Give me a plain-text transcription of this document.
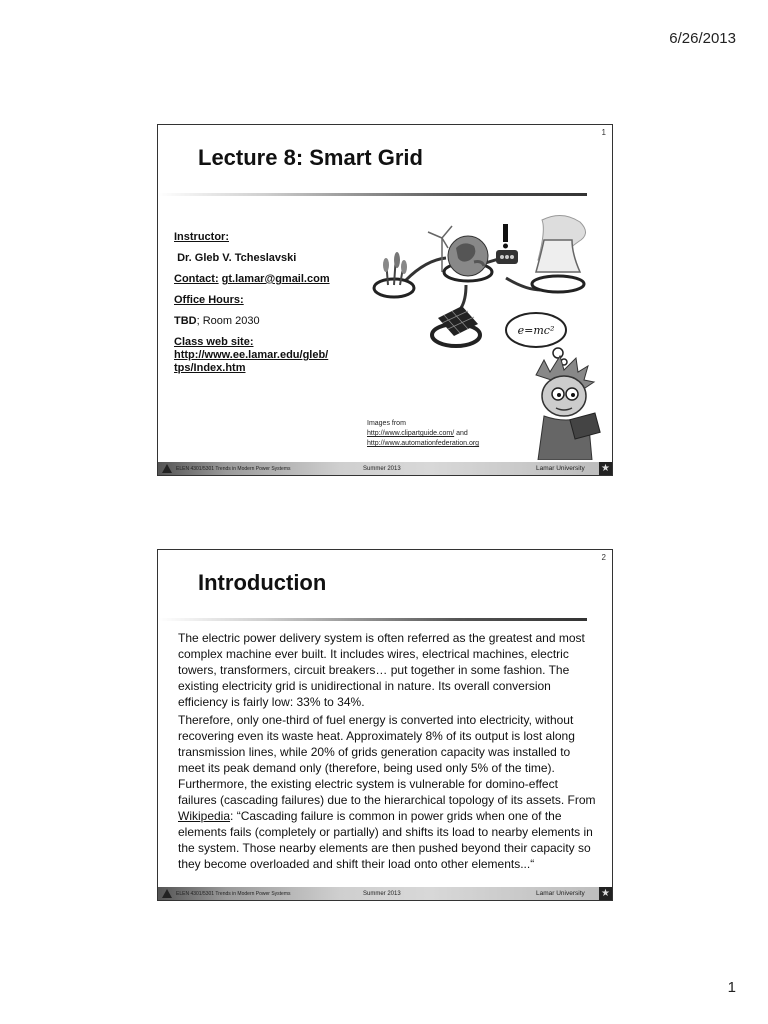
6/26/2013
1
Lecture 8: Smart Grid

Instructor:

Dr. Gleb V. Tcheslavski

Contact: gt.lamar@gmail.com

Office Hours:

TBD; Room 2030

Class web site:

http://www.ee.lamar.edu/gleb/
tps/Index.htm

e=mc²
Images from
http://www.clipartguide.com/ and
http://www.automationfederation.org
ELEN 4301/5301 Trends in Modern Power Systems	Summer 2013	Lamar University ★
2
Introduction

The electric power delivery system is often referred as the greatest and most complex machine ever built. It includes wires, electrical machines, electric towers, transformers, circuit breakers… put together in some fashion. The existing electricity grid is unidirectional in nature. Its overall conversion efficiency is fairly low: 33% to 34%.

Therefore, only one-third of fuel energy is converted into electricity, without recovering even its waste heat. Approximately 8% of its output is lost along transmission lines, while 20% of grids generation capacity was installed to meet its peak demand only (therefore, being used only 5% of the time). Furthermore, the existing electric system is vulnerable for domino-effect failures (cascading failures) due to the hierarchical topology of its assets. From Wikipedia: “Cascading failure is common in power grids when one of the elements fails (completely or partially) and shifts its load to nearby elements in the system. Those nearby elements are then pushed beyond their capacity so they become overloaded and shift their load onto other elements...“

ELEN 4301/5301 Trends in Modern Power Systems	Summer 2013	Lamar University ★
1
